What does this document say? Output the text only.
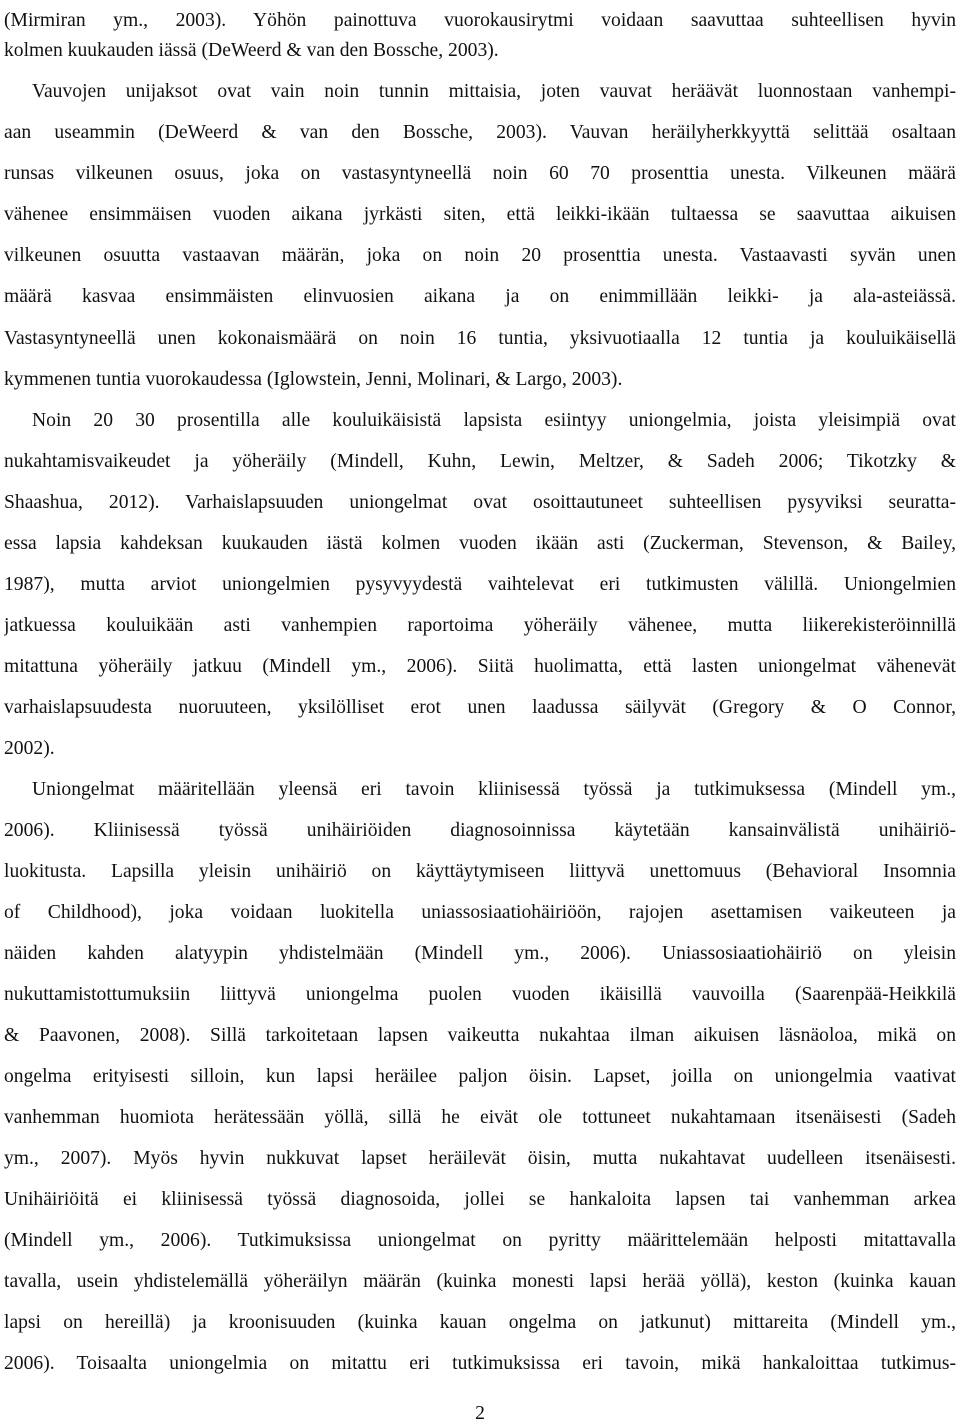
(Mirmiran ym., 2003). Yöhön painottuva vuorokausirytmi voidaan saavuttaa suhteellisen hyvin
kolmen kuukauden iässä (DeWeerd & van den Bossche, 2003).
Vauvojen unijaksot ovat vain noin tunnin mittaisia, joten vauvat heräävät luonnostaan vanhempi-
aan useammin (DeWeerd & van den Bossche, 2003). Vauvan heräilyherkkyyttä selittää osaltaan
runsas vilkeunen osuus, joka on vastasyntyneellä noin 60 70 prosenttia unesta. Vilkeunen määrä
vähenee ensimmäisen vuoden aikana jyrkästi siten, että leikki-ikään tultaessa se saavuttaa aikuisen
vilkeunen osuutta vastaavan määrän, joka on noin 20 prosenttia unesta. Vastaavasti syvän unen
määrä kasvaa ensimmäisten elinvuosien aikana ja on enimmillään leikki- ja ala-asteiässä.
Vastasyntyneellä unen kokonaismäärä on noin 16 tuntia, yksivuotiaalla 12 tuntia ja kouluikäisellä
kymmenen tuntia vuorokaudessa (Iglowstein, Jenni, Molinari, & Largo, 2003).
Noin 20 30 prosentilla alle kouluikäisistä lapsista esiintyy uniongelmia, joista yleisimpiä ovat
nukahtamisvaikeudet ja yöheräily (Mindell, Kuhn, Lewin, Meltzer, & Sadeh 2006; Tikotzky &
Shaashua, 2012). Varhaislapsuuden uniongelmat ovat osoittautuneet suhteellisen pysyviksi seuratta-
essa lapsia kahdeksan kuukauden iästä kolmen vuoden ikään asti (Zuckerman, Stevenson, & Bailey,
1987), mutta arviot uniongelmien pysyvyydestä vaihtelevat eri tutkimusten välillä. Uniongelmien
jatkuessa kouluikään asti vanhempien raportoima yöheräily vähenee, mutta liikerekisteröinnillä
mitattuna yöheräily jatkuu (Mindell ym., 2006). Siitä huolimatta, että lasten uniongelmat vähenevät
varhaislapsuudesta nuoruuteen, yksilölliset erot unen laadussa säilyvät (Gregory & O Connor,
2002).
Uniongelmat määritellään yleensä eri tavoin kliinisessä työssä ja tutkimuksessa (Mindell ym.,
2006). Kliinisessä työssä unihäiriöiden diagnosoinnissa käytetään kansainvälistä unihäiriö-
luokitusta. Lapsilla yleisin unihäiriö on käyttäytymiseen liittyvä unettomuus (Behavioral Insomnia
of Childhood), joka voidaan luokitella uniassosiaatiohäiriöön, rajojen asettamisen vaikeuteen ja
näiden kahden alatyypin yhdistelmään (Mindell ym., 2006). Uniassosiaatiohäiriö on yleisin
nukuttamistottumuksiin liittyvä uniongelma puolen vuoden ikäisillä vauvoilla (Saarenpää-Heikkilä
& Paavonen, 2008). Sillä tarkoitetaan lapsen vaikeutta nukahtaa ilman aikuisen läsnäoloa, mikä on
ongelma erityisesti silloin, kun lapsi heräilee paljon öisin. Lapset, joilla on uniongelmia vaativat
vanhemman huomiota herätessään yöllä, sillä he eivät ole tottuneet nukahtamaan itsenäisesti (Sadeh
ym., 2007). Myös hyvin nukkuvat lapset heräilevät öisin, mutta nukahtavat uudelleen itsenäisesti.
Unihäiriöitä ei kliinisessä työssä diagnosoida, jollei se hankaloita lapsen tai vanhemman arkea
(Mindell ym., 2006). Tutkimuksissa uniongelmat on pyritty määrittelemään helposti mitattavalla
tavalla, usein yhdistelemällä yöheräilyn määrän (kuinka monesti lapsi herää yöllä), keston (kuinka kauan
lapsi on hereillä) ja kroonisuuden (kuinka kauan ongelma on jatkunut) mittareita (Mindell ym.,
2006). Toisaalta uniongelmia on mitattu eri tutkimuksissa eri tavoin, mikä hankaloittaa tutkimus-
2
